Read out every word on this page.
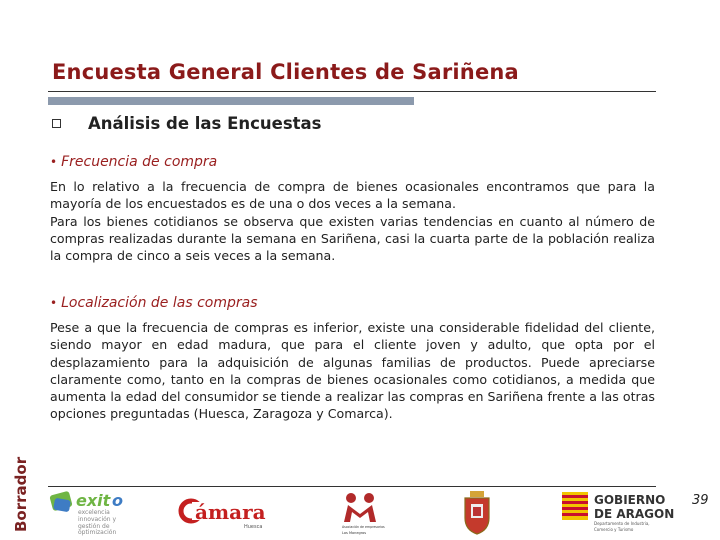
Encuesta General Clientes de Sariñena
Análisis de las Encuestas
• Frecuencia de compra

En lo relativo a la frecuencia de compra de bienes ocasionales encontramos que para la mayoría de los encuestados es de una o dos veces a la semana.

Para los bienes cotidianos se observa que existen varias tendencias en cuanto al número de compras realizadas durante la semana en Sariñena, casi la cuarta parte de la población realiza la compra de cinco a seis veces a la semana.

• Localización de las compras

Pese a que la frecuencia de compras es inferior, existe una considerable fidelidad del cliente, siendo mayor en edad madura, que para el cliente joven y adulto, que opta por el desplazamiento para la adquisición de algunas familias de productos. Puede apreciarse claramente como, tanto en la compras de bienes ocasionales como cotidianos, a medida que aumenta la edad del consumidor se tiende a realizar las compras en Sariñena frente a las otras opciones preguntadas (Huesca, Zaragoza y Comarca).

39
Borrador	exit o
excelencia
innovación y
gestión de
optimización
ámara
Huesca	Asociación de empresarios
Los Monegros
GOBIERNO
DE ARAGON
Departamento de Industria,
Comercio y Turismo
